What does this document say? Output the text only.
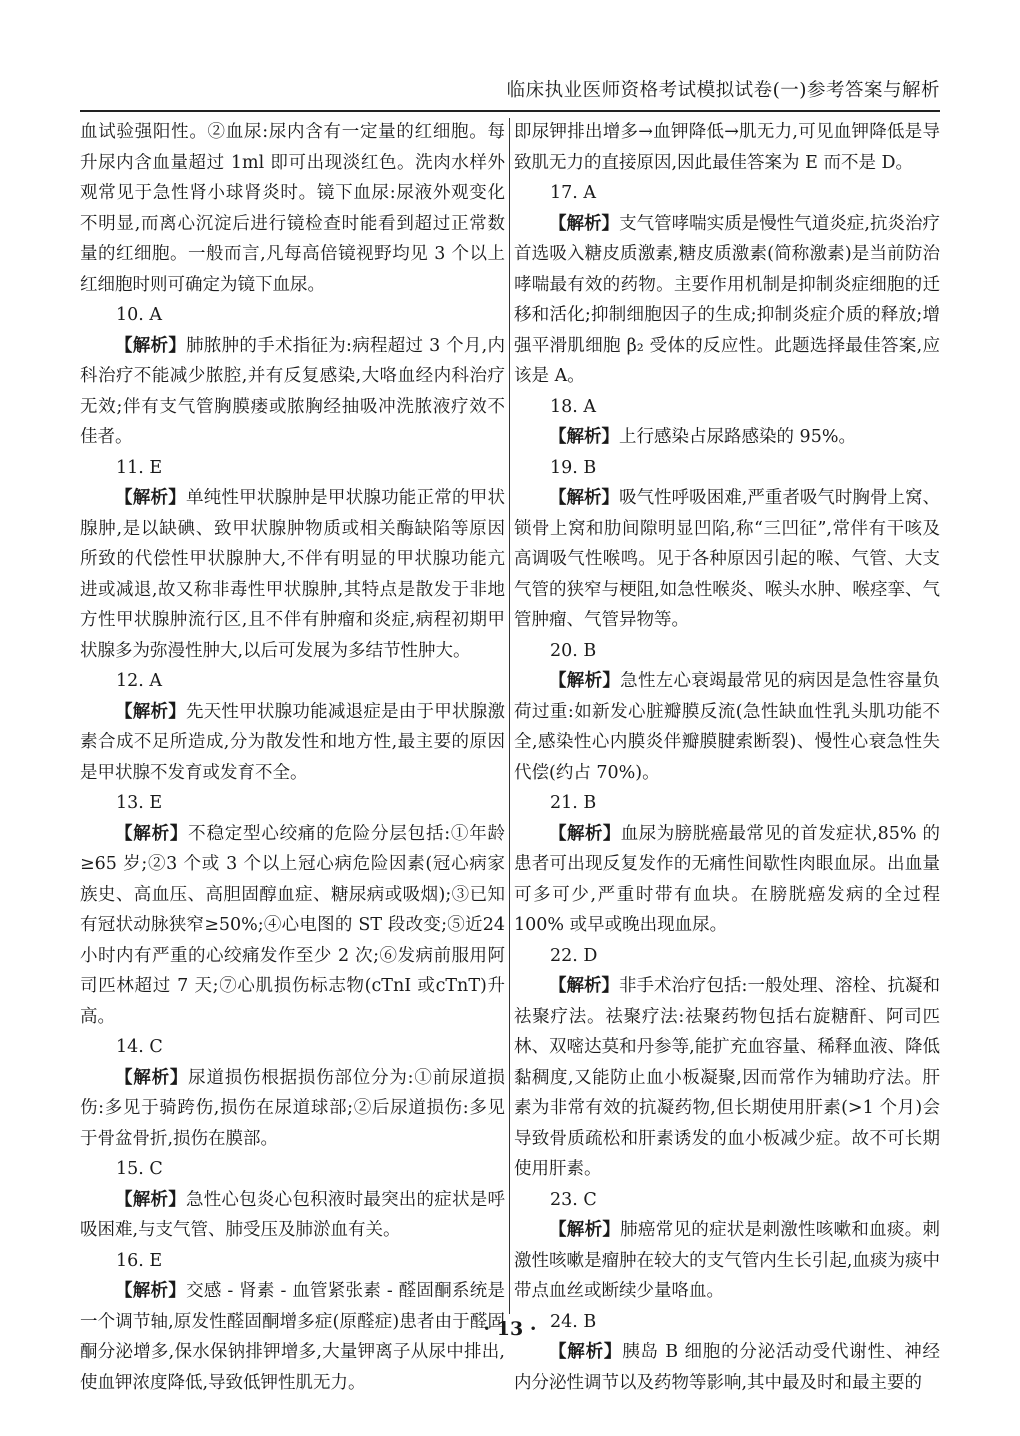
临床执业医师资格考试模拟试卷(一)参考答案与解析

血试验强阳性。②血尿:尿内含有一定量的红细胞。每升尿内含血量超过 1ml 即可出现淡红色。洗肉水样外观常见于急性肾小球肾炎时。镜下血尿:尿液外观变化不明显,而离心沉淀后进行镜检查时能看到超过正常数量的红细胞。一般而言,凡每高倍镜视野均见 3 个以上红细胞时则可确定为镜下血尿。

10. A

【解析】肺脓肿的手术指征为:病程超过 3 个月,内科治疗不能减少脓腔,并有反复感染,大咯血经内科治疗无效;伴有支气管胸膜瘘或脓胸经抽吸冲洗脓液疗效不佳者。

11. E

【解析】单纯性甲状腺肿是甲状腺功能正常的甲状腺肿,是以缺碘、致甲状腺肿物质或相关酶缺陷等原因所致的代偿性甲状腺肿大,不伴有明显的甲状腺功能亢进或减退,故又称非毒性甲状腺肿,其特点是散发于非地方性甲状腺肿流行区,且不伴有肿瘤和炎症,病程初期甲状腺多为弥漫性肿大,以后可发展为多结节性肿大。

12. A

【解析】先天性甲状腺功能减退症是由于甲状腺激素合成不足所造成,分为散发性和地方性,最主要的原因是甲状腺不发育或发育不全。

13. E

【解析】不稳定型心绞痛的危险分层包括:①年龄≥65 岁;②3 个或 3 个以上冠心病危险因素(冠心病家族史、高血压、高胆固醇血症、糖尿病或吸烟);③已知有冠状动脉狭窄≥50%;④心电图的 ST 段改变;⑤近24 小时内有严重的心绞痛发作至少 2 次;⑥发病前服用阿司匹林超过 7 天;⑦心肌损伤标志物(cTnI 或cTnT)升高。

14. C

【解析】尿道损伤根据损伤部位分为:①前尿道损伤:多见于骑跨伤,损伤在尿道球部;②后尿道损伤:多见于骨盆骨折,损伤在膜部。

15. C

【解析】急性心包炎心包积液时最突出的症状是呼吸困难,与支气管、肺受压及肺淤血有关。

16. E

【解析】交感 - 肾素 - 血管紧张素 - 醛固酮系统是一个调节轴,原发性醛固酮增多症(原醛症)患者由于醛固酮分泌增多,保水保钠排钾增多,大量钾离子从尿中排出,使血钾浓度降低,导致低钾性肌无力。

即尿钾排出增多→血钾降低→肌无力,可见血钾降低是导致肌无力的直接原因,因此最佳答案为 E 而不是 D。

17. A

【解析】支气管哮喘实质是慢性气道炎症,抗炎治疗首选吸入糖皮质激素,糖皮质激素(简称激素)是当前防治哮喘最有效的药物。主要作用机制是抑制炎症细胞的迁移和活化;抑制细胞因子的生成;抑制炎症介质的释放;增强平滑肌细胞 β₂ 受体的反应性。此题选择最佳答案,应该是 A。

18. A

【解析】上行感染占尿路感染的 95%。

19. B

【解析】吸气性呼吸困难,严重者吸气时胸骨上窝、锁骨上窝和肋间隙明显凹陷,称“三凹征”,常伴有干咳及高调吸气性喉鸣。见于各种原因引起的喉、气管、大支气管的狭窄与梗阻,如急性喉炎、喉头水肿、喉痉挛、气管肿瘤、气管异物等。

20. B

【解析】急性左心衰竭最常见的病因是急性容量负荷过重:如新发心脏瓣膜反流(急性缺血性乳头肌功能不全,感染性心内膜炎伴瓣膜腱索断裂)、慢性心衰急性失代偿(约占 70%)。

21. B

【解析】血尿为膀胱癌最常见的首发症状,85% 的患者可出现反复发作的无痛性间歇性肉眼血尿。出血量可多可少,严重时带有血块。在膀胱癌发病的全过程 100% 或早或晚出现血尿。

22. D

【解析】非手术治疗包括:一般处理、溶栓、抗凝和祛聚疗法。祛聚疗法:祛聚药物包括右旋糖酐、阿司匹林、双嘧达莫和丹参等,能扩充血容量、稀释血液、降低黏稠度,又能防止血小板凝聚,因而常作为辅助疗法。肝素为非常有效的抗凝药物,但长期使用肝素(>1 个月)会导致骨质疏松和肝素诱发的血小板减少症。故不可长期使用肝素。

23. C

【解析】肺癌常见的症状是刺激性咳嗽和血痰。刺激性咳嗽是瘤肿在较大的支气管内生长引起,血痰为痰中带点血丝或断续少量咯血。

24. B

【解析】胰岛 B 细胞的分泌活动受代谢性、神经内分泌性调节以及药物等影响,其中最及时和最主要的

· 13 ·
